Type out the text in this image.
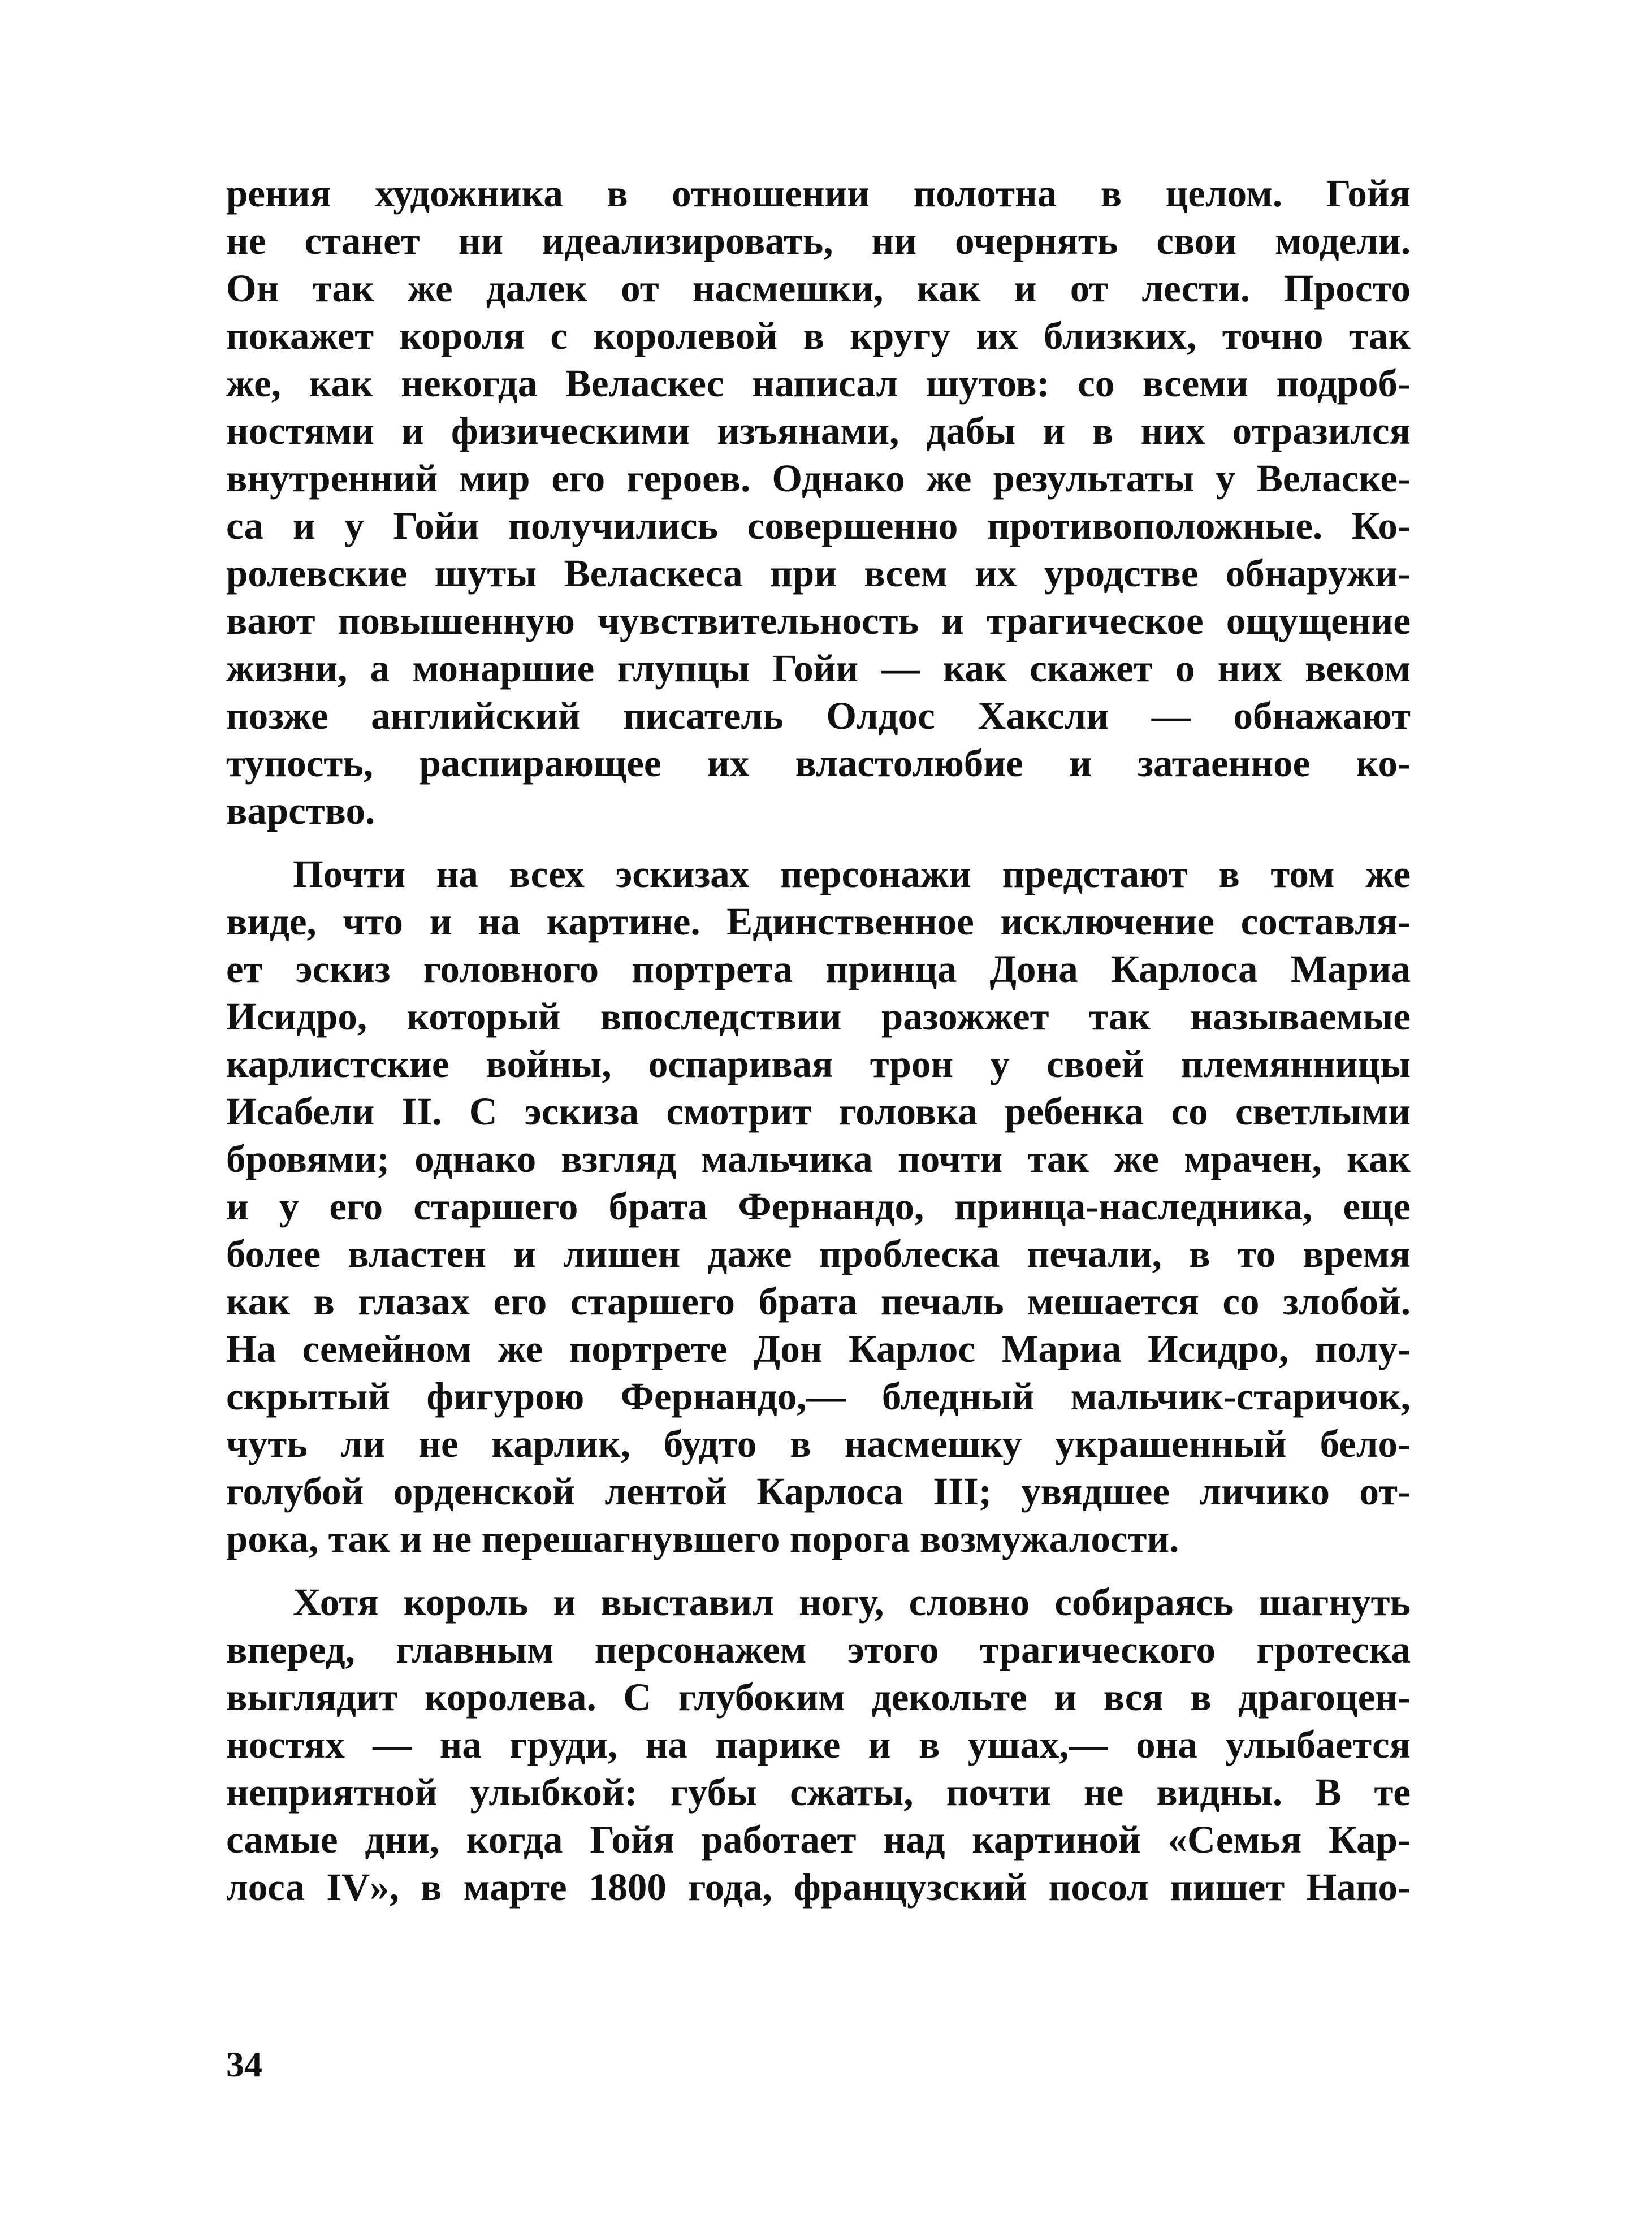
рения художника в отношении полотна в целом. Гойя
не станет ни идеализировать, ни очернять свои модели.
Он так же далек от насмешки, как и от лести. Просто
покажет короля с королевой в кругу их близких, точно так
же, как некогда Веласкес написал шутов: со всеми подроб-
ностями и физическими изъянами, дабы и в них отразился
внутренний мир его героев. Однако же результаты у Веласке-
са и у Гойи получились совершенно противоположные. Ко-
ролевские шуты Веласкеса при всем их уродстве обнаружи-
вают повышенную чувствительность и трагическое ощущение
жизни, а монаршие глупцы Гойи — как скажет о них веком
позже английский писатель Олдос Хаксли — обнажают
тупость, распирающее их властолюбие и затаенное ко-
варство.
Почти на всех эскизах персонажи предстают в том же
виде, что и на картине. Единственное исключение составля-
ет эскиз головного портрета принца Дона Карлоса Мариа
Исидро, который впоследствии разожжет так называемые
карлистские войны, оспаривая трон у своей племянницы
Исабели II. С эскиза смотрит головка ребенка со светлыми
бровями; однако взгляд мальчика почти так же мрачен, как
и у его старшего брата Фернандо, принца-наследника, еще
более властен и лишен даже проблеска печали, в то время
как в глазах его старшего брата печаль мешается со злобой.
На семейном же портрете Дон Карлос Мариа Исидро, полу-
скрытый фигурою Фернандо,— бледный мальчик-старичок,
чуть ли не карлик, будто в насмешку украшенный бело-
голубой орденской лентой Карлоса III; увядшее личико от-
рока, так и не перешагнувшего порога возмужалости.
Хотя король и выставил ногу, словно собираясь шагнуть
вперед, главным персонажем этого трагического гротеска
выглядит королева. С глубоким декольте и вся в драгоцен-
ностях — на груди, на парике и в ушах,— она улыбается
неприятной улыбкой: губы сжаты, почти не видны. В те
самые дни, когда Гойя работает над картиной «Семья Кар-
лоса IV», в марте 1800 года, французский посол пишет Напо-
34
